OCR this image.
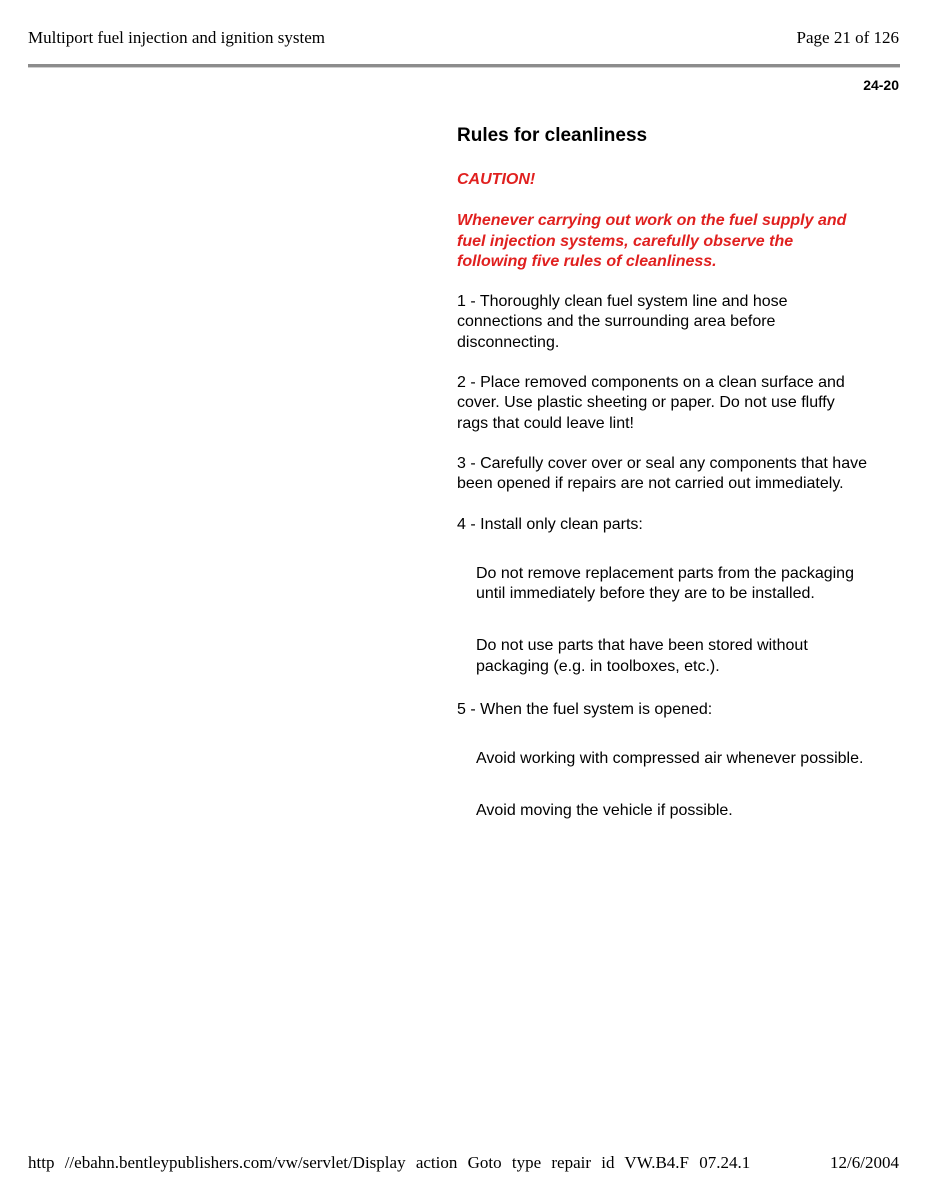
Multiport fuel injection and ignition system	Page 21 of 126
24-20
Rules for cleanliness
CAUTION!
Whenever carrying out work on the fuel supply and fuel injection systems, carefully observe the following five rules of cleanliness.
1 - Thoroughly clean fuel system line and hose connections and the surrounding area before disconnecting.
2 - Place removed components on a clean surface and cover. Use plastic sheeting or paper. Do not use fluffy rags that could leave lint!
3 - Carefully cover over or seal any components that have been opened if repairs are not carried out immediately.
4 - Install only clean parts:
Do not remove replacement parts from the packaging until immediately before they are to be installed.
Do not use parts that have been stored without packaging (e.g. in toolboxes, etc.).
5 - When the fuel system is opened:
Avoid working with compressed air whenever possible.
Avoid moving the vehicle if possible.
http //ebahn.bentleypublishers.com/vw/servlet/Display action Goto type repair id VW.B4.F 07.24.1	12/6/2004
